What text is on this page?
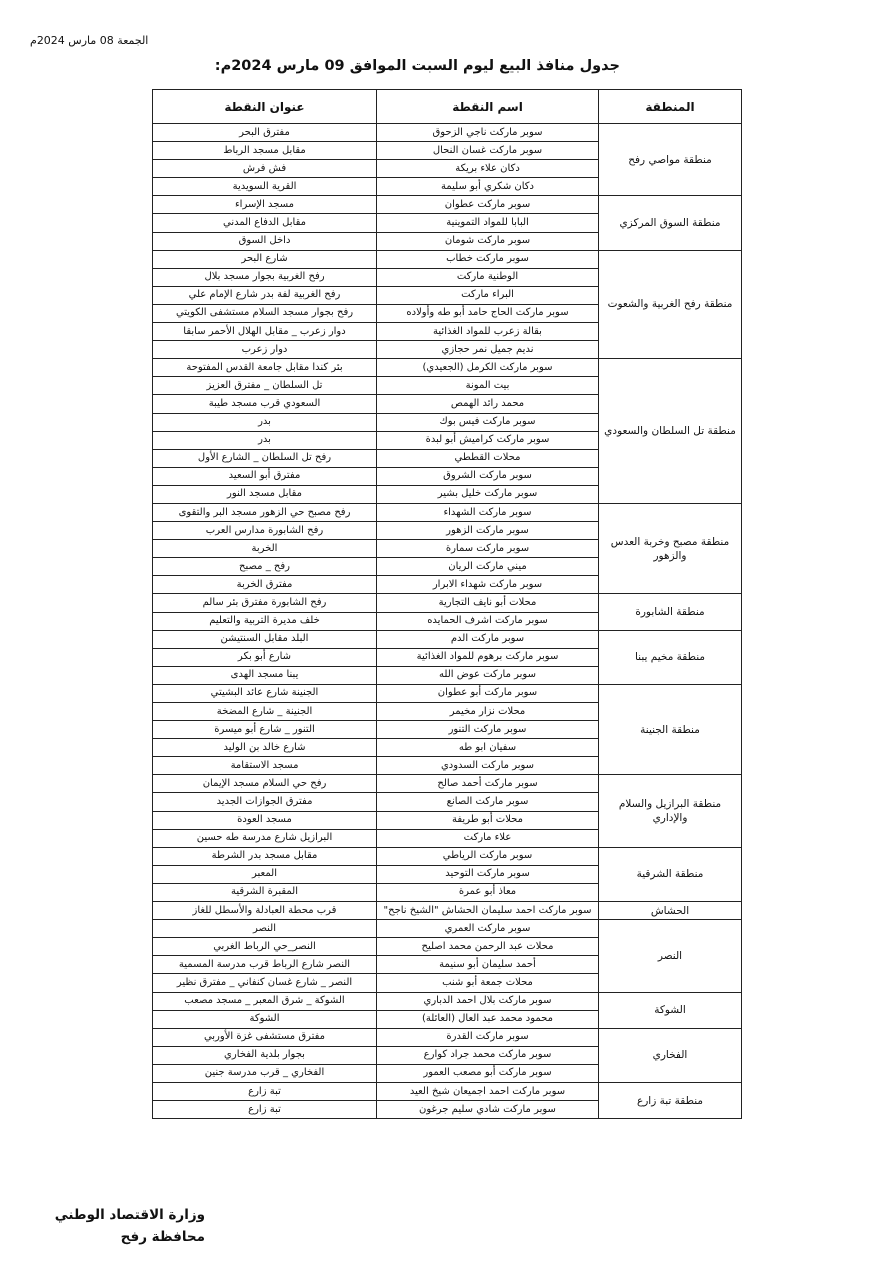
الجمعة 08 مارس 2024م
جدول منافذ البيع ليوم السبت الموافق 09 مارس 2024م:
المنطقة	اسم النقطة	عنوان النقطة
منطقة مواصي رفح	سوبر ماركت ناجي الزحوق	مفترق البحر
	سوبر ماركت غسان النحال	مقابل مسجد الرباط
	دكان علاء بريكة	فش فرش
	دكان شكري أبو سليمة	القرية السويدية
منطقة السوق المركزي	سوبر ماركت عطوان	مسجد الإسراء
	البابا للمواد التموينية	مقابل الدفاع المدني
	سوبر ماركت شومان	داخل السوق
منطقة رفح الغربية والشعوت	سوبر ماركت خطاب	شارع البحر
	الوطنية ماركت	رفح الغربية بجوار مسجد بلال
	البراء ماركت	رفح الغربية لفة بدر شارع الإمام علي
	سوبر ماركت الحاج حامد أبو طه وأولاده	رفح بجوار مسجد السلام مستشفى الكويتي
	بقالة زعرب للمواد الغذائية	دوار زعرب _ مقابل الهلال الأحمر سابقا
	نديم جميل نمر حجازي	دوار زعرب
منطقة تل السلطان والسعودي	سوبر ماركت الكرمل (الجعيدي)	بئر كندا مقابل جامعة القدس المفتوحة
	بيت المونة	تل السلطان _ مفترق العزيز
	محمد رائد الهمص	السعودي قرب مسجد طيبة
	سوبر ماركت فيس بوك	بدر
	سوبر ماركت كراميش أبو لبدة	بدر
	محلات القططي	رفح تل السلطان _ الشارع الأول
	سوبر ماركت الشروق	مفترق أبو السعيد
	سوبر ماركت خليل بشير	مقابل مسجد النور
منطقة مصبح وخربة العدس والزهور	سوبر ماركت الشهداء	رفح مصبح حي الزهور مسجد البر والتقوى
	سوبر ماركت الزهور	رفح الشابورة مدارس العرب
	سوبر ماركت سمارة	الخربة
	ميني ماركت الريان	رفح _ مصبح
	سوبر ماركت شهداء الابرار	مفترق الخربة
منطقة الشابورة	محلات أبو نايف التجارية	رفح الشابورة مفترق بئر سالم
	سوبر ماركت اشرف الحمايده	خلف مديرة التربية والتعليم
منطقة مخيم يبنا	سوبر ماركت الدم	البلد مقابل السنتيشن
	سوبر ماركت برهوم للمواد الغذائية	شارع أبو بكر
	سوبر ماركت عوض الله	يبنا مسجد الهدى
منطقة الجنينة	سوبر ماركت أبو عطوان	الجنينة شارع عائد البشيتي
	محلات نزار مخيمر	الجنينة _ شارع المضخة
	سوبر ماركت التنور	التنور _ شارع أبو ميسرة
	سفيان ابو طه	شارع خالد بن الوليد
	سوبر ماركت السدودي	مسجد الاستقامة
منطقة البرازيل والسلام والإداري	سوبر ماركت أحمد صالح	رفح حي السلام مسجد الإيمان
	سوبر ماركت الصانع	مفترق الجوازات الجديد
	محلات أبو طريفة	مسجد العودة
	علاء ماركت	البرازيل شارع مدرسة طه حسين
منطقة الشرقية	سوبر ماركت الرياطي	مقابل مسجد بدر الشرطة
	سوبر ماركت التوحيد	المعبر
	معاذ أبو عمرة	المقبرة الشرقية
الحشاش	سوبر ماركت احمد سليمان الحشاش "الشيخ ناجح"	قرب محطة العبادلة والأسطل للغاز
النصر	سوبر ماركت العمري	النصر
	محلات عبد الرحمن محمد اصليح	النصر_حي الرباط الغربي
	أحمد سليمان أبو سنيمة	النصر شارع الرباط قرب مدرسة المسمية
	محلات جمعة أبو شنب	النصر _ شارع غسان كنفاني _ مفترق نظير
الشوكة	سوبر ماركت بلال احمد الدباري	الشوكة _ شرق المعبر _ مسجد مصعب
	محمود محمد عبد العال (العائلة)	الشوكة
الفخاري	سوبر ماركت القدرة	مفترق مستشفى غزة الأوربي
	سوبر ماركت محمد جراد كوارع	بجوار بلدية الفخاري
	سوبر ماركت أبو مصعب العمور	الفخاري _ قرب مدرسة جنين
منطقة تبة زارع	سوبر ماركت احمد اجميعان شيخ العيد	تبة زارع
	سوبر ماركت شادي سليم جرغون	تبة زارع
وزارة الاقتصاد الوطني
محافظة رفح
